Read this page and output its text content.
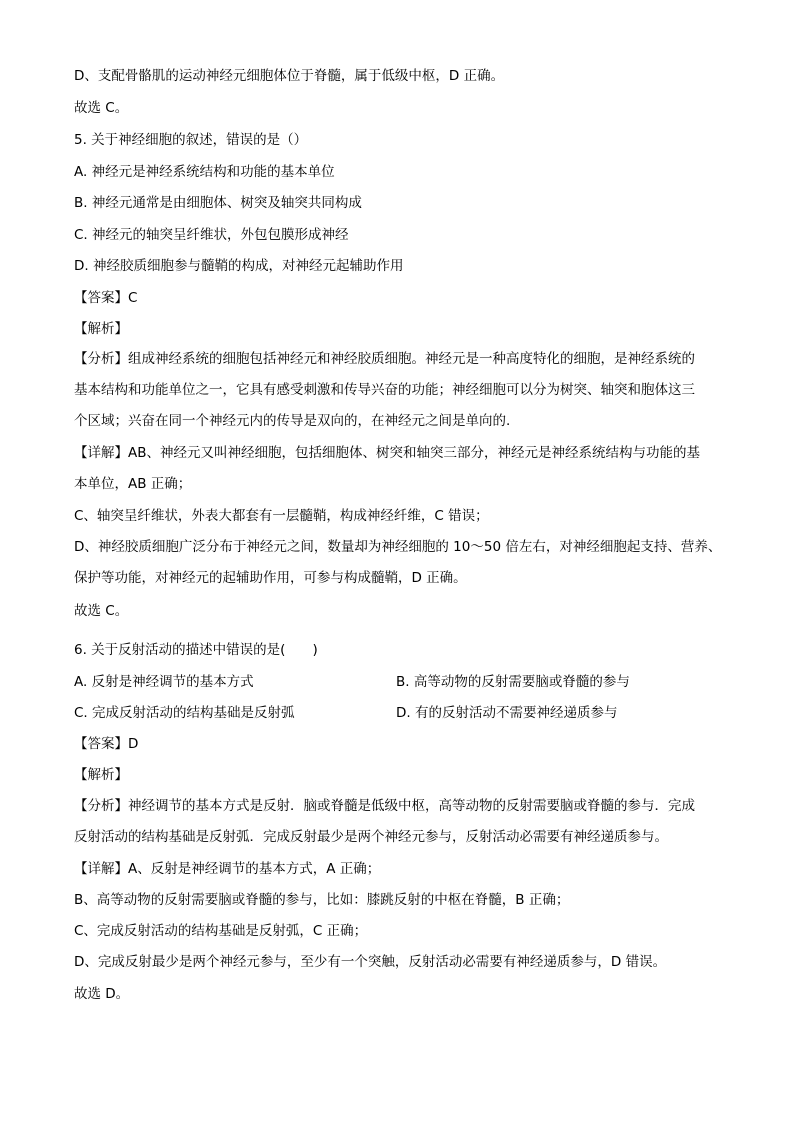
D、支配骨骼肌的运动神经元细胞体位于脊髓，属于低级中枢，D 正确。
故选 C。
5. 关于神经细胞的叙述，错误的是（）
A. 神经元是神经系统结构和功能的基本单位
B. 神经元通常是由细胞体、树突及轴突共同构成
C. 神经元的轴突呈纤维状，外包包膜形成神经
D. 神经胶质细胞参与髓鞘的构成，对神经元起辅助作用
【答案】C
【解析】
【分析】组成神经系统的细胞包括神经元和神经胶质细胞。神经元是一种高度特化的细胞，是神经系统的
基本结构和功能单位之一，它具有感受刺激和传导兴奋的功能；神经细胞可以分为树突、轴突和胞体这三
个区域；兴奋在同一个神经元内的传导是双向的，在神经元之间是单向的.
【详解】AB、神经元又叫神经细胞，包括细胞体、树突和轴突三部分，神经元是神经系统结构与功能的基
本单位，AB 正确；
C、轴突呈纤维状，外表大都套有一层髓鞘，构成神经纤维，C 错误；
D、神经胶质细胞广泛分布于神经元之间，数量却为神经细胞的 10～50 倍左右，对神经细胞起支持、营养、
保护等功能，对神经元的起辅助作用，可参与构成髓鞘，D 正确。
故选 C。
6. 关于反射活动的描述中错误的是(　　)
A. 反射是神经调节的基本方式	B. 高等动物的反射需要脑或脊髓的参与
C. 完成反射活动的结构基础是反射弧	D. 有的反射活动不需要神经递质参与
【答案】D
【解析】
【分析】神经调节的基本方式是反射．脑或脊髓是低级中枢，高等动物的反射需要脑或脊髓的参与．完成
反射活动的结构基础是反射弧．完成反射最少是两个神经元参与，反射活动必需要有神经递质参与。
【详解】A、反射是神经调节的基本方式，A 正确；
B、高等动物的反射需要脑或脊髓的参与，比如：膝跳反射的中枢在脊髓，B 正确；
C、完成反射活动的结构基础是反射弧，C 正确；
D、完成反射最少是两个神经元参与，至少有一个突触，反射活动必需要有神经递质参与，D 错误。
故选 D。
